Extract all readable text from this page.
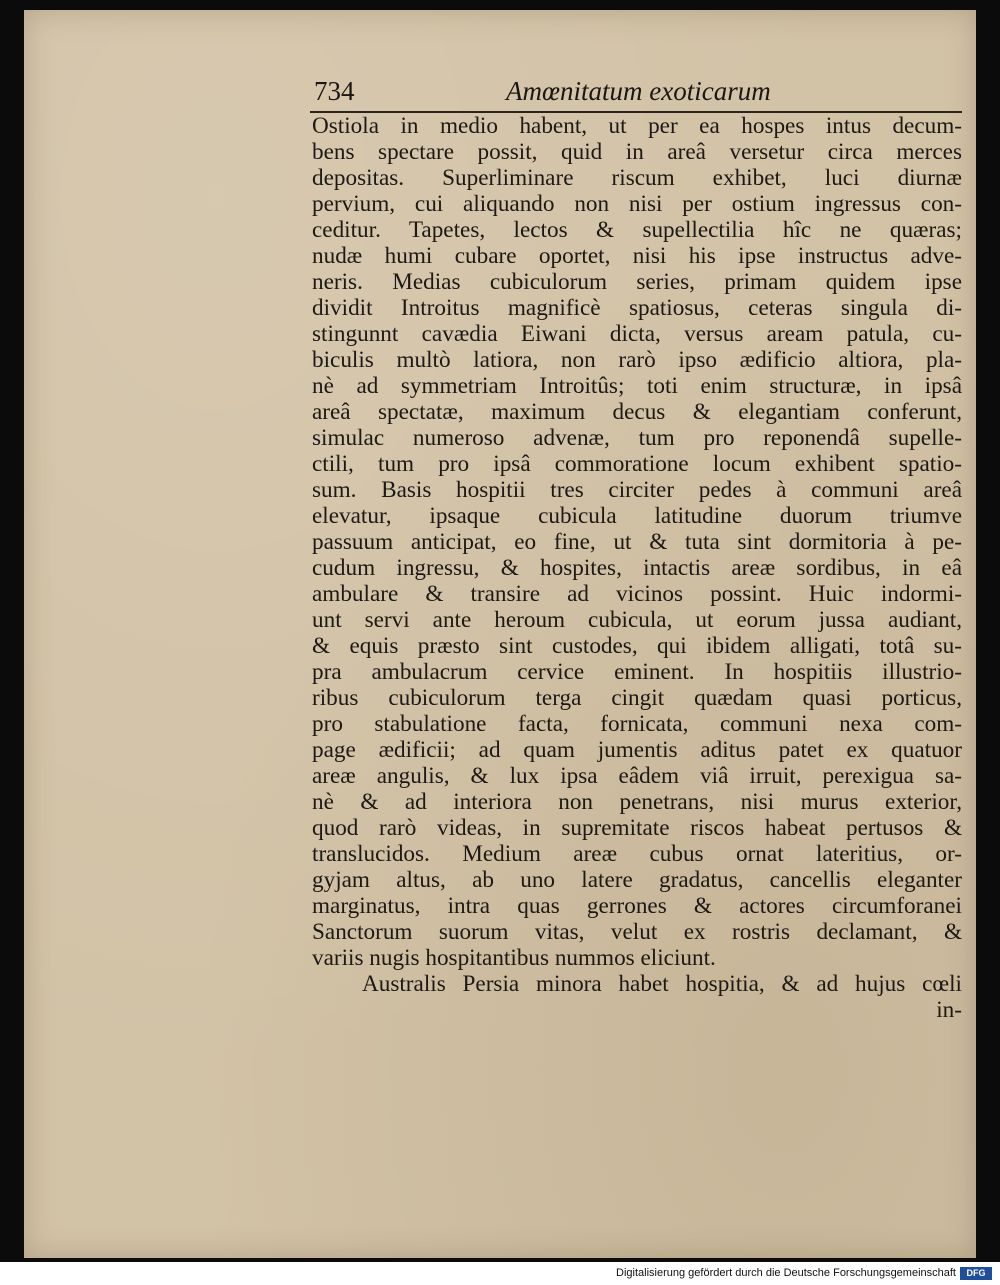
734	Amœnitatum exoticarum
Ostiola in medio habent, ut per ea hospes intus decum-
bens spectare possit, quid in areâ versetur circa merces
depositas. Superliminare riscum exhibet, luci diurnæ
pervium, cui aliquando non nisi per ostium ingressus con-
ceditur. Tapetes, lectos & supellectilia hîc ne quæras;
nudæ humi cubare oportet, nisi his ipse instructus adve-
neris. Medias cubiculorum series, primam quidem ipse
dividit Introitus magnificè spatiosus, ceteras singula di-
stingunnt cavædia Eiwani dicta, versus aream patula, cu-
biculis multò latiora, non rarò ipso ædificio altiora, pla-
nè ad symmetriam Introitûs; toti enim structuræ, in ipsâ
areâ spectatæ, maximum decus & elegantiam conferunt,
simulac numeroso advenæ, tum pro reponendâ supelle-
ctili, tum pro ipsâ commoratione locum exhibent spatio-
sum. Basis hospitii tres circiter pedes à communi areâ
elevatur, ipsaque cubicula latitudine duorum triumve
passuum anticipat, eo fine, ut & tuta sint dormitoria à pe-
cudum ingressu, & hospites, intactis areæ sordibus, in eâ
ambulare & transire ad vicinos possint. Huic indormi-
unt servi ante heroum cubicula, ut eorum jussa audiant,
& equis præsto sint custodes, qui ibidem alligati, totâ su-
pra ambulacrum cervice eminent. In hospitiis illustrio-
ribus cubiculorum terga cingit quædam quasi porticus,
pro stabulatione facta, fornicata, communi nexa com-
page ædificii; ad quam jumentis aditus patet ex quatuor
areæ angulis, & lux ipsa eâdem viâ irruit, perexigua sa-
nè & ad interiora non penetrans, nisi murus exterior,
quod rarò videas, in supremitate riscos habeat pertusos &
translucidos. Medium areæ cubus ornat lateritius, or-
gyjam altus, ab uno latere gradatus, cancellis eleganter
marginatus, intra quas gerrones & actores circumforanei
Sanctorum suorum vitas, velut ex rostris declamant, &
variis nugis hospitantibus nummos eliciunt.
Australis Persia minora habet hospitia, & ad hujus cœli
in-
Digitalisierung gefördert durch die Deutsche Forschungsgemeinschaft	DFG
